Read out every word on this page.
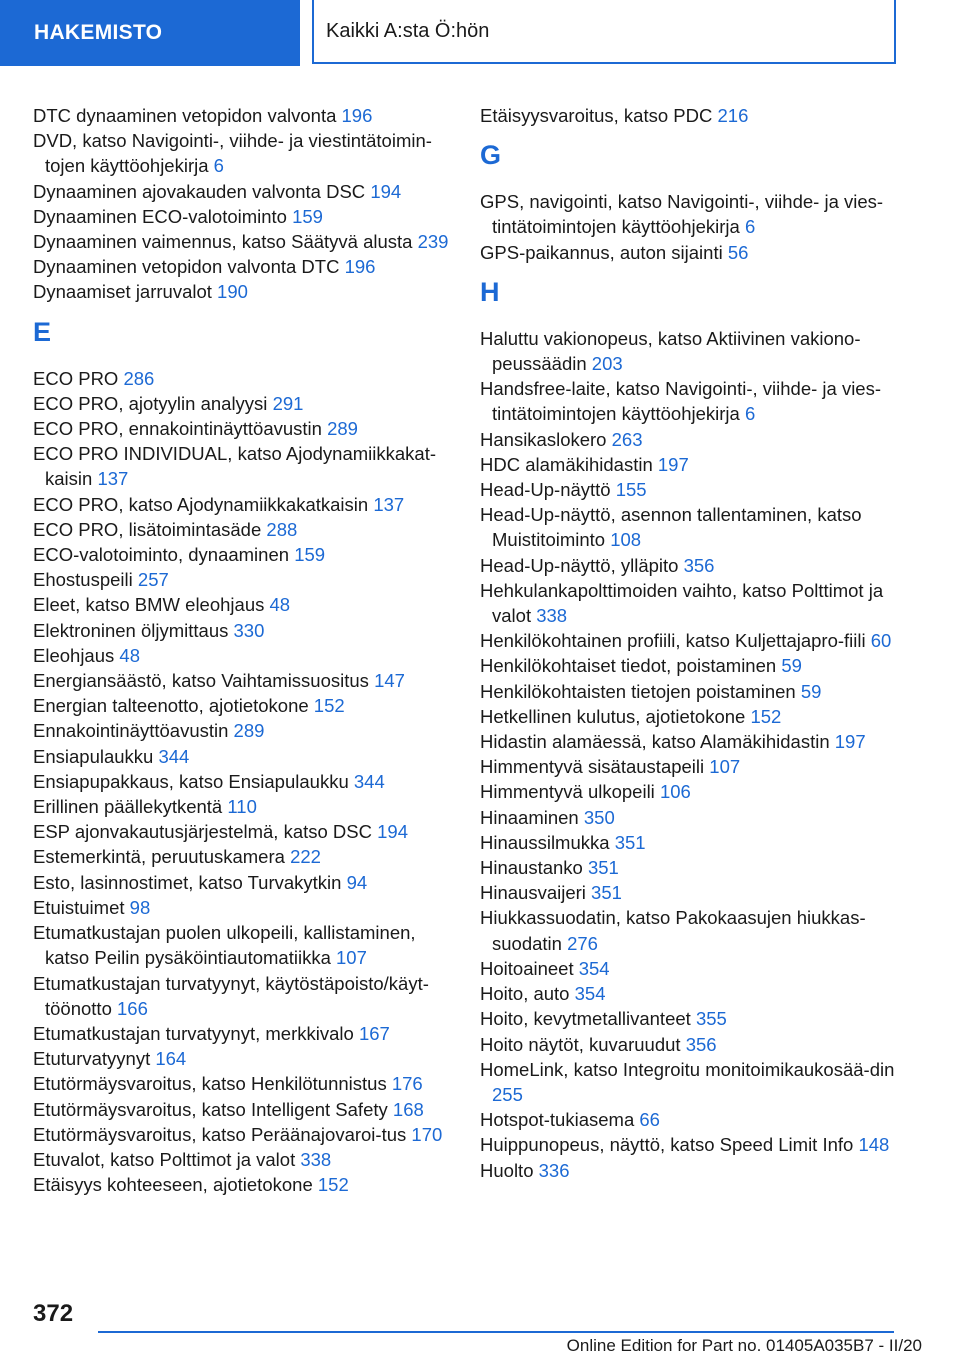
HAKEMISTO	Kaikki A:sta Ö:hön
DTC dynaaminen vetopidon valvonta 196
DVD, katso Navigointi-, viihde- ja viestintätoimin-tojen käyttöohjekirja 6
Dynaaminen ajovakauden valvonta DSC 194
Dynaaminen ECO-valotoiminto 159
Dynaaminen vaimennus, katso Säätyvä alusta 239
Dynaaminen vetopidon valvonta DTC 196
Dynaamiset jarruvalot 190
E
ECO PRO 286
ECO PRO, ajotyylin analyysi 291
ECO PRO, ennakointinäyttöavustin 289
ECO PRO INDIVIDUAL, katso Ajodynamiikkakat-kaisin 137
ECO PRO, katso Ajodynamiikkakatkaisin 137
ECO PRO, lisätoimintasäde 288
ECO-valotoiminto, dynaaminen 159
Ehostuspeili 257
Eleet, katso BMW eleohjaus 48
Elektroninen öljymittaus 330
Eleohjaus 48
Energiansäästö, katso Vaihtamissuositus 147
Energian talteenotto, ajotietokone 152
Ennakointinäyttöavustin 289
Ensiapulaukku 344
Ensiapupakkaus, katso Ensiapulaukku 344
Erillinen päällekytkentä 110
ESP ajonvakautusjärjestelmä, katso DSC 194
Estemerkintä, peruutuskamera 222
Esto, lasinnostimet, katso Turvakytkin 94
Etuistuimet 98
Etumatkustajan puolen ulkopeili, kallistaminen, katso Peilin pysäköintiautomatiikka 107
Etumatkustajan turvatyynyt, käytöstäpoisto/käyt-töönotto 166
Etumatkustajan turvatyynyt, merkkivalo 167
Etuturvatyynyt 164
Etutörmäysvaroitus, katso Henkilötunnistus 176
Etutörmäysvaroitus, katso Intelligent Safety 168
Etutörmäysvaroitus, katso Peräänajovaroi-tus 170
Etuvalot, katso Polttimot ja valot 338
Etäisyys kohteeseen, ajotietokone 152
Etäisyysvaroitus, katso PDC 216
G
GPS, navigointi, katso Navigointi-, viihde- ja vies-tintätoimintojen käyttöohjekirja 6
GPS-paikannus, auton sijainti 56
H
Haluttu vakionopeus, katso Aktiivinen vakiono-peussäädin 203
Handsfree-laite, katso Navigointi-, viihde- ja vies-tintätoimintojen käyttöohjekirja 6
Hansikaslokero 263
HDC alamäkihidastin 197
Head-Up-näyttö 155
Head-Up-näyttö, asennon tallentaminen, katso Muistitoiminto 108
Head-Up-näyttö, ylläpito 356
Hehkulankapolttimoiden vaihto, katso Polttimot ja valot 338
Henkilökohtainen profiili, katso Kuljettajapro-fiili 60
Henkilökohtaiset tiedot, poistaminen 59
Henkilökohtaisten tietojen poistaminen 59
Hetkellinen kulutus, ajotietokone 152
Hidastin alamäessä, katso Alamäkihidastin 197
Himmentyvä sisätaustapeili 107
Himmentyvä ulkopeili 106
Hinaaminen 350
Hinaussilmukka 351
Hinaustanko 351
Hinausvaijeri 351
Hiukkassuodatin, katso Pakokaasujen hiukkas-suodatin 276
Hoitoaineet 354
Hoito, auto 354
Hoito, kevytmetallivanteet 355
Hoito näytöt, kuvaruudut 356
HomeLink, katso Integroitu monitoimikaukosää-din 255
Hotspot-tukiasema 66
Huippunopeus, näyttö, katso Speed Limit Info 148
Huolto 336
372
Online Edition for Part no. 01405A035B7 - II/20
